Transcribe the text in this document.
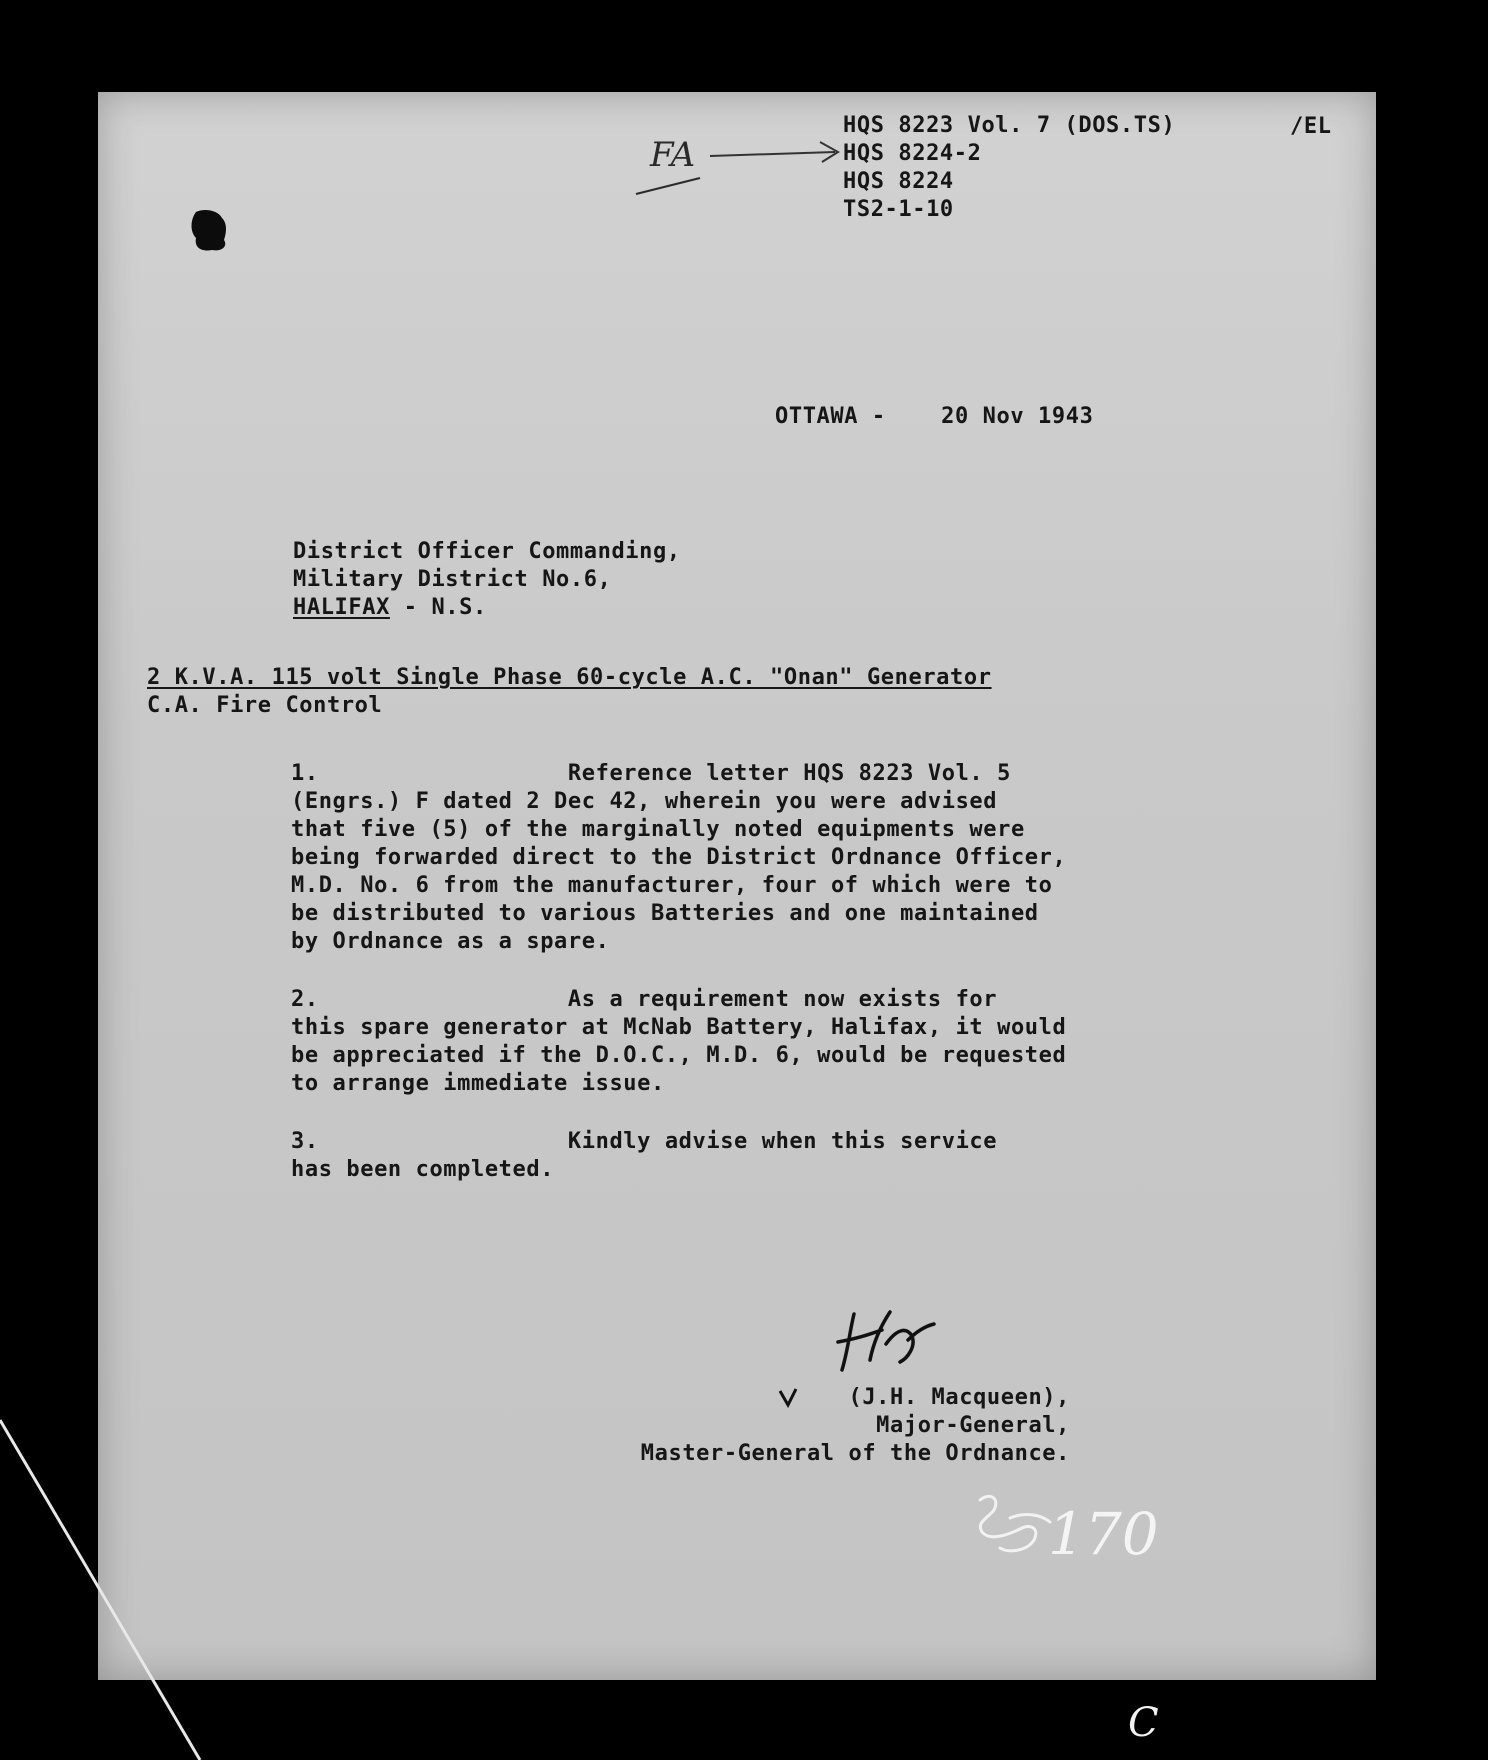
FA
HQS 8223 Vol. 7 (DOS.TS)
HQS 8224-2
HQS 8224
TS2-1-10
/EL
OTTAWA -    20 Nov 1943
District Officer Commanding,
Military District No.6,
HALIFAX - N.S.
2 K.V.A. 115 volt Single Phase 60-cycle A.C. "Onan" Generator
C.A. Fire Control
1.                  Reference letter HQS 8223 Vol. 5
(Engrs.) F dated 2 Dec 42, wherein you were advised
that five (5) of the marginally noted equipments were
being forwarded direct to the District Ordnance Officer,
M.D. No. 6 from the manufacturer, four of which were to
be distributed to various Batteries and one maintained
by Ordnance as a spare.
2.                  As a requirement now exists for
this spare generator at McNab Battery, Halifax, it would
be appreciated if the D.O.C., M.D. 6, would be requested
to arrange immediate issue.
3.                  Kindly advise when this service
has been completed.
(J.H. Macqueen),
Major-General,
Master-General of the Ordnance.
170
C
